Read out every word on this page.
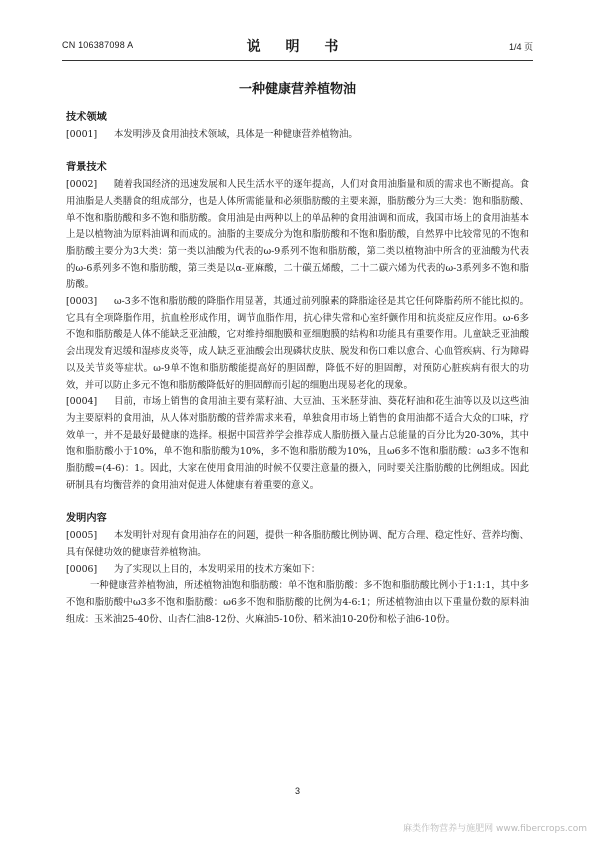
CN 106387098 A	说 明 书	1/4 页
一种健康营养植物油

技术领域

[0001] 本发明涉及食用油技术领域，具体是一种健康营养植物油。

背景技术

[0002] 随着我国经济的迅速发展和人民生活水平的逐年提高，人们对食用油脂量和质的需求也不断提高。食用油脂是人类膳食的组成部分，也是人体所需能量和必须脂肪酸的主要来源，脂肪酸分为三大类：饱和脂肪酸、单不饱和脂肪酸和多不饱和脂肪酸。食用油是由两种以上的单品种的食用油调和而成，我国市场上的食用油基本上是以植物油为原料油调和而成的。油脂的主要成分为饱和脂肪酸和不饱和脂肪酸，自然界中比较常见的不饱和脂肪酸主要分为3大类：第一类以油酸为代表的ω-9系列不饱和脂肪酸，第二类以植物油中所含的亚油酸为代表的ω-6系列多不饱和脂肪酸，第三类是以α-亚麻酸，二十碳五烯酸，二十二碳六烯为代表的ω-3系列多不饱和脂肪酸。

[0003] ω-3多不饱和脂肪酸的降脂作用显著，其通过前列腺素的降脂途径是其它任何降脂药所不能比拟的。它具有全项降脂作用，抗血栓形成作用，调节血脂作用，抗心律失常和心室纤颤作用和抗炎症反应作用。ω-6多不饱和脂肪酸是人体不能缺乏亚油酸，它对维持细胞膜和亚细胞膜的结构和功能具有重要作用。儿童缺乏亚油酸会出现发育迟缓和湿疹皮炎等，成人缺乏亚油酸会出现磷状皮肤、脱发和伤口难以愈合、心血管疾病、行为障碍以及关节炎等症状。ω-9单不饱和脂肪酸能提高好的胆固醇，降低不好的胆固醇，对预防心脏疾病有很大的功效，并可以防止多元不饱和脂肪酸降低好的胆固醇而引起的细胞出现易老化的现象。

[0004] 目前，市场上销售的食用油主要有菜籽油、大豆油、玉米胚芽油、葵花籽油和花生油等以及以这些油为主要原料的食用油，从人体对脂肪酸的营养需求来看，单独食用市场上销售的食用油都不适合大众的口味，疗效单一，并不是最好最健康的选择。根据中国营养学会推荐成人脂肪摄入量占总能量的百分比为20-30%，其中饱和脂肪酸小于10%，单不饱和脂肪酸为10%，多不饱和脂肪酸为10%，且ω6多不饱和脂肪酸：ω3多不饱和脂肪酸=(4-6)：1。因此，大家在使用食用油的时候不仅要注意量的摄入，同时要关注脂肪酸的比例组成。因此研制具有均衡营养的食用油对促进人体健康有着重要的意义。

发明内容

[0005] 本发明针对现有食用油存在的问题，提供一种各脂肪酸比例协调、配方合理、稳定性好、营养均衡、具有保健功效的健康营养植物油。

[0006] 为了实现以上目的，本发明采用的技术方案如下：

一种健康营养植物油，所述植物油饱和脂肪酸：单不饱和脂肪酸：多不饱和脂肪酸比例小于1:1:1，其中多不饱和脂肪酸中ω3多不饱和脂肪酸：ω6多不饱和脂肪酸的比例为4-6:1；所述植物油由以下重量份数的原料油组成：玉米油25-40份、山杏仁油8-12份、火麻油5-10份、稻米油10-20份和松子油6-10份。

3
麻类作物营养与施肥网 www.fibercrops.com
